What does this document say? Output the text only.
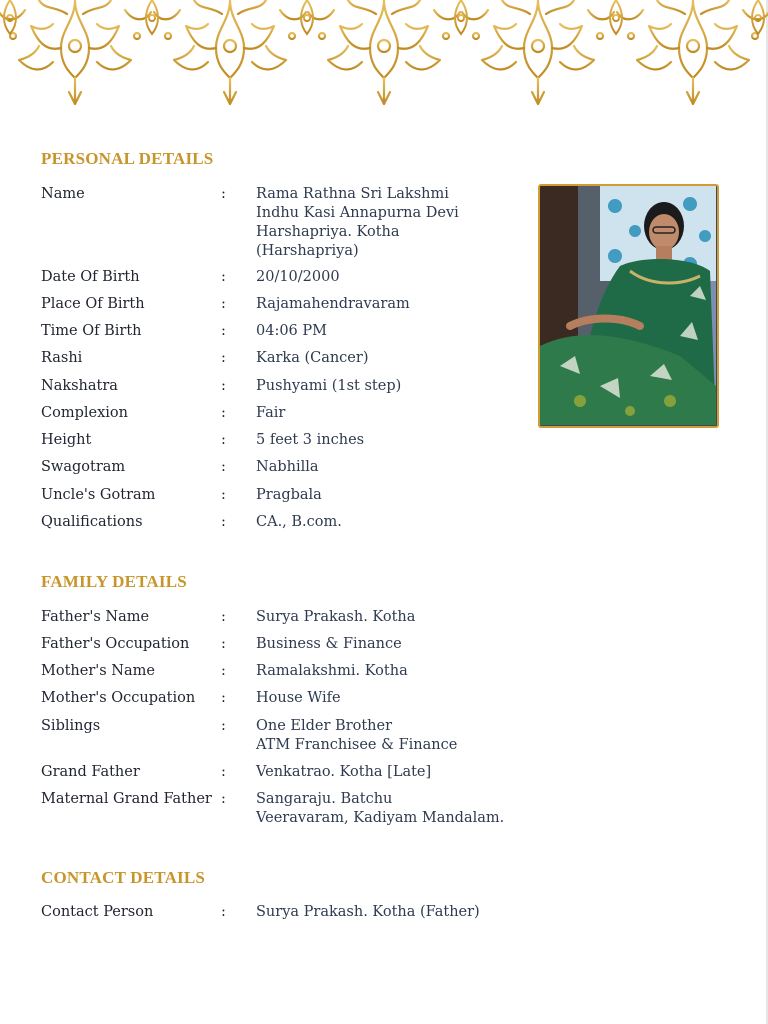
PERSONAL DETAILS
Name	:	Rama Rathna Sri Lakshmi
Indhu Kasi Annapurna Devi
Harshapriya. Kotha
(Harshapriya)
Date Of Birth	:	20/10/2000
Place Of Birth	:	Rajamahendravaram
Time Of Birth	:	04:06 PM
Rashi	:	Karka (Cancer)
Nakshatra	:	Pushyami (1st step)
Complexion	:	Fair
Height	:	5 feet 3 inches
Swagotram	:	Nabhilla
Uncle's Gotram	:	Pragbala
Qualifications	:	CA., B.com.
FAMILY DETAILS
Father's Name	:	Surya Prakash. Kotha
Father's Occupation	:	Business & Finance
Mother's Name	:	Ramalakshmi. Kotha
Mother's Occupation	:	House Wife
Siblings	:	One Elder Brother
ATM Franchisee & Finance
Grand Father	:	Venkatrao. Kotha [Late]
Maternal Grand Father :	Sangaraju. Batchu
Veeravaram, Kadiyam Mandalam.
CONTACT DETAILS
Contact Person	:	Surya Prakash. Kotha (Father)
